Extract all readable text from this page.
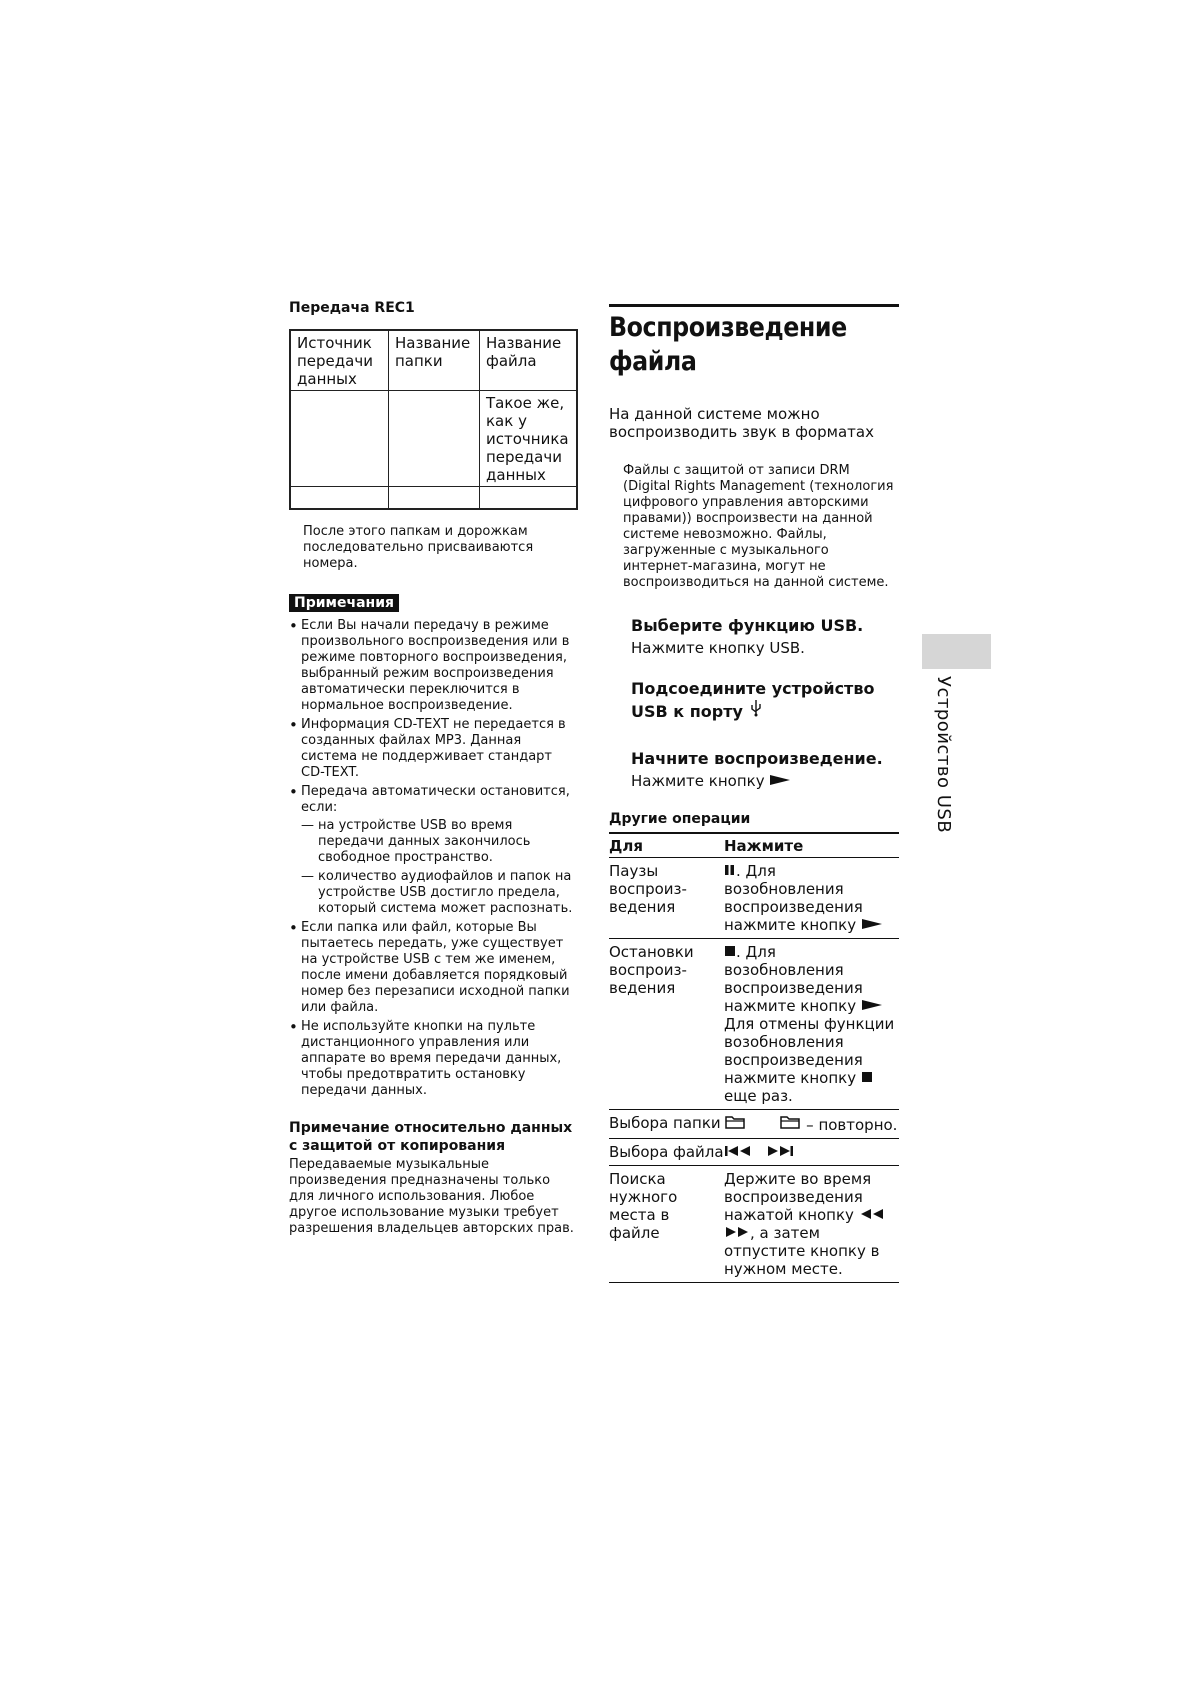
Передача REC1
Источник передачи данных	Название папки	Название файла
		Такое же, как у источника передачи данных

После этого папкам и дорожкам последовательно присваиваются номера.
Примечания
• Если Вы начали передачу в режиме произвольного воспроизведения или в режиме повторного воспроизведения, выбранный режим воспроизведения автоматически переключится в нормальное воспроизведение.
• Информация CD-TEXT не передается в созданных файлах MP3. Данная система не поддерживает стандарт CD-TEXT.
• Передача автоматически остановится, если:
— на устройстве USB во время передачи данных закончилось свободное пространство.
— количество аудиофайлов и папок на устройстве USB достигло предела, который система может распознать.
• Если папка или файл, которые Вы пытаетесь передать, уже существует на устройстве USB с тем же именем, после имени добавляется порядковый номер без перезаписи исходной папки или файла.
• Не используйте кнопки на пульте дистанционного управления или аппарате во время передачи данных, чтобы предотвратить остановку передачи данных.
Примечание относительно данных с защитой от копирования
Передаваемые музыкальные произведения предназначены только для личного использования. Любое другое использование музыки требует разрешения владельцев авторских прав.
Воспроизведение
файла
На данной системе можно воспроизводить звук в форматах
Файлы с защитой от записи DRM (Digital Rights Management (технология цифрового управления авторскими правами)) воспроизвести на данной системе невозможно. Файлы, загруженные с музыкального интернет-магазина, могут не воспроизводиться на данной системе.
Выберите функцию USB.
Нажмите кнопку USB.
Подсоедините устройство USB к порту
Начните воспроизведение.
Нажмите кнопку
Другие операции
Для	Нажмите
Паузы воспроиз-ведения	. Для возобновления воспроизведения нажмите кнопку
Остановки воспроиз-ведения	. Для возобновления воспроизведения нажмите кнопку  Для отмены функции возобновления воспроизведения нажмите кнопку  еще раз.
Выбора папки	– повторно.
Выбора файла	
Поиска нужного места в файле	Держите во время воспроизведения нажатой кнопку  , а затем отпустите кнопку в нужном месте.
Устройство USB
